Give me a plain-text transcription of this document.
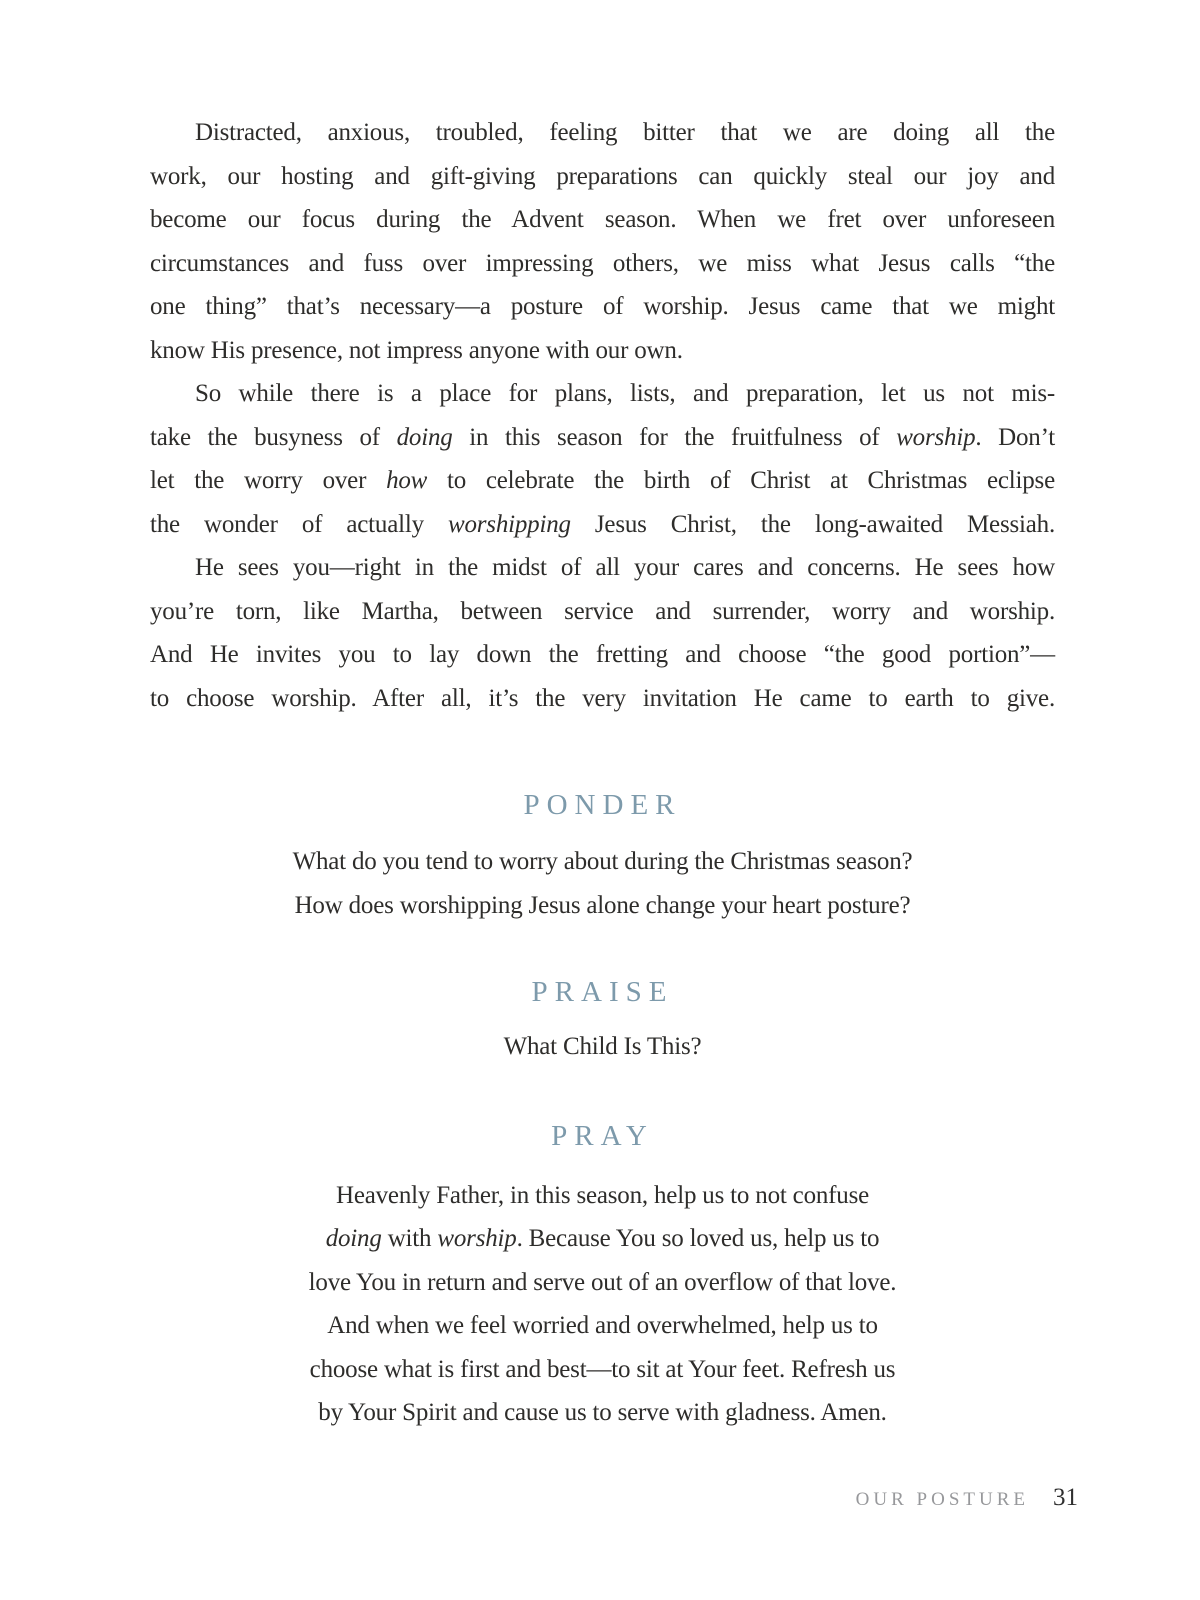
Distracted, anxious, troubled, feeling bitter that we are doing all the
work, our hosting and gift-giving preparations can quickly steal our joy and
become our focus during the Advent season. When we fret over unforeseen
circumstances and fuss over impressing others, we miss what Jesus calls “the
one thing” that’s necessary—a posture of worship. Jesus came that we might
know His presence, not impress anyone with our own.
So while there is a place for plans, lists, and preparation, let us not mis-
take the busyness of doing in this season for the fruitfulness of worship. Don’t
let the worry over how to celebrate the birth of Christ at Christmas eclipse
the wonder of actually worshipping Jesus Christ, the long-awaited Messiah.
He sees you—right in the midst of all your cares and concerns. He sees how
you’re torn, like Martha, between service and surrender, worry and worship.
And He invites you to lay down the fretting and choose “the good portion”—
to choose worship. After all, it’s the very invitation He came to earth to give.
PONDER
What do you tend to worry about during the Christmas season?
How does worshipping Jesus alone change your heart posture?
PRAISE
What Child Is This?
PRAY
Heavenly Father, in this season, help us to not confuse
doing with worship. Because You so loved us, help us to
love You in return and serve out of an overflow of that love.
And when we feel worried and overwhelmed, help us to
choose what is first and best—to sit at Your feet. Refresh us
by Your Spirit and cause us to serve with gladness. Amen.
OUR POSTURE 31
